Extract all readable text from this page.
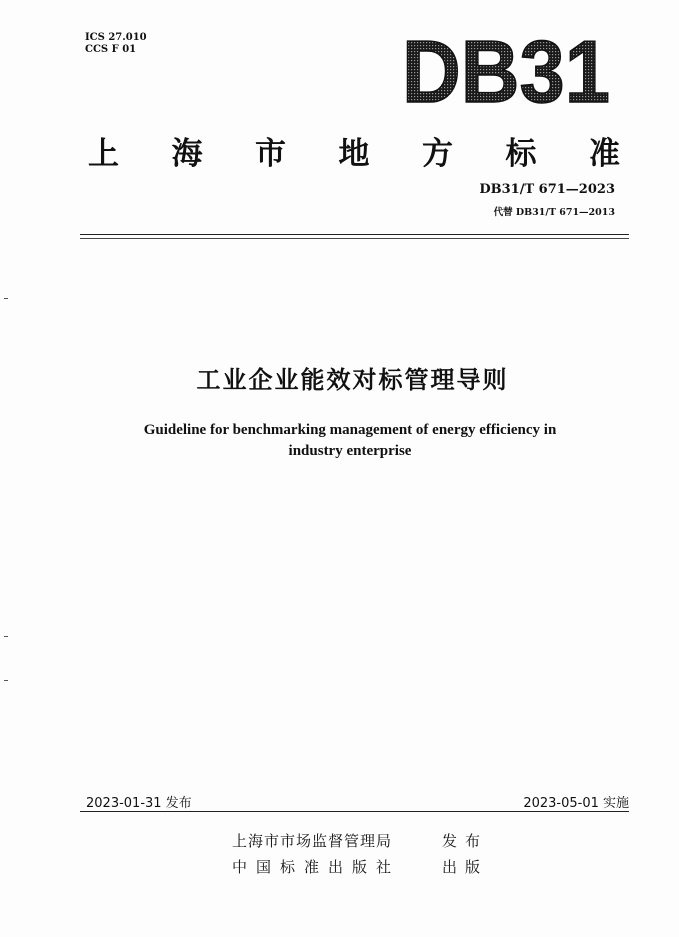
ICS 27.010
CCS F 01	DB31
上 海 市 地 方 标 准
DB31/T 671—2023
代替 DB31/T 671—2013
工业企业能效对标管理导则
Guideline for benchmarking management of energy efficiency in
industry enterprise
2023-01-31 发布	2023-05-01 实施
上海市市场监督管理局	发布
中国标准出版社	出版
